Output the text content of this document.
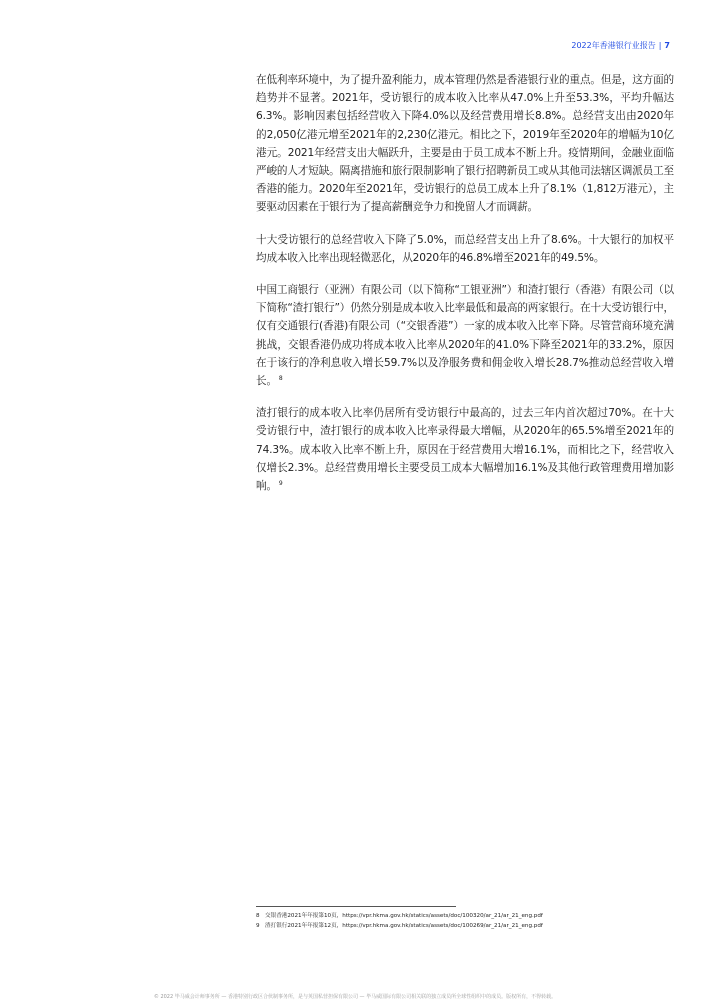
2022年香港银行业报告 | 7

在低利率环境中，为了提升盈利能力，成本管理仍然是香港银行业的重点。但是，这方面的趋势并不显著。2021年，受访银行的成本收入比率从47.0%上升至53.3%，平均升幅达6.3%。影响因素包括经营收入下降4.0%以及经营费用增长8.8%。总经营支出由2020年的2,050亿港元增至2021年的2,230亿港元。相比之下，2019年至2020年的增幅为10亿港元。2021年经营支出大幅跃升，主要是由于员工成本不断上升。疫情期间，金融业面临严峻的人才短缺。隔离措施和旅行限制影响了银行招聘新员工或从其他司法辖区调派员工至香港的能力。2020年至2021年，受访银行的总员工成本上升了8.1%（1,812万港元），主要驱动因素在于银行为了提高薪酬竞争力和挽留人才而调薪。

十大受访银行的总经营收入下降了5.0%，而总经营支出上升了8.6%。十大银行的加权平均成本收入比率出现轻微恶化，从2020年的46.8%增至2021年的49.5%。

中国工商银行（亚洲）有限公司（以下简称“工银亚洲”）和渣打银行（香港）有限公司（以下简称“渣打银行”）仍然分别是成本收入比率最低和最高的两家银行。在十大受访银行中，仅有交通银行(香港)有限公司（“交银香港”）一家的成本收入比率下降。尽管营商环境充满挑战，交银香港仍成功将成本收入比率从2020年的41.0%下降至2021年的33.2%，原因在于该行的净利息收入增长59.7%以及净服务费和佣金收入增长28.7%推动总经营收入增长。 $^8$

渣打银行的成本收入比率仍居所有受访银行中最高的，过去三年内首次超过70%。在十大受访银行中，渣打银行的成本收入比率录得最大增幅，从2020年的65.5%增至2021年的74.3%。成本收入比率不断上升，原因在于经营费用大增16.1%，而相比之下，经营收入仅增长2.3%。总经营费用增长主要受员工成本大幅增加16.1%及其他行政管理费用增加影响。 $^9$

8 交银香港2021年年报第10页，https://vpr.hkma.gov.hk/statics/assets/doc/100320/ar_21/ar_21_eng.pdf
9 渣打银行2021年年报第12页，https://vpr.hkma.gov.hk/statics/assets/doc/100269/ar_21/ar_21_eng.pdf
© 2022 毕马威会计师事务所 — 香港特别行政区合伙制事务所，是与英国私营担保有限公司 — 毕马威国际有限公司相关联的独立成员所全球性组织中的成员。版权所有，不得转载。
